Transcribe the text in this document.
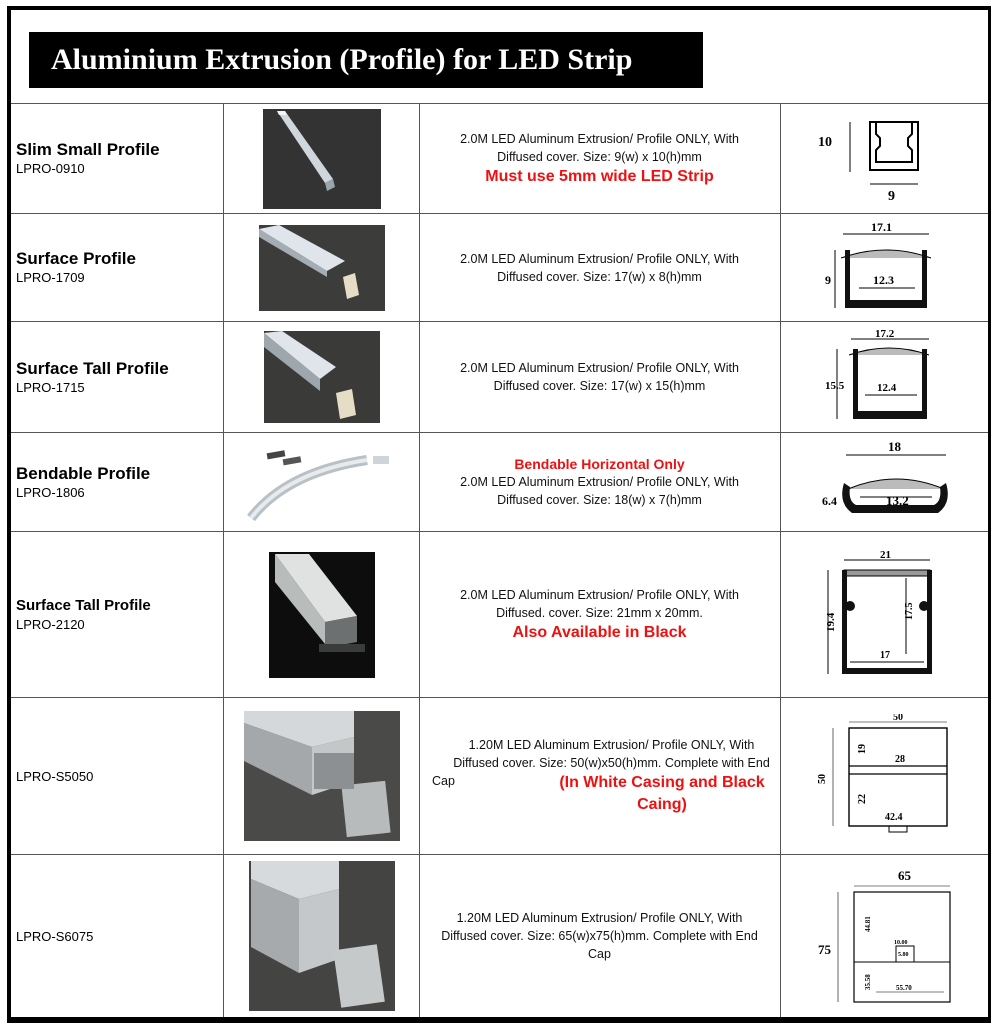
Aluminium Extrusion (Profile) for LED Strip
Slim Small Profile
LPRO-0910
2.0M LED Aluminum Extrusion/ Profile ONLY, With
Diffused cover. Size: 9(w) x 10(h)mm
Must use 5mm wide LED Strip
10
9
Surface Profile
LPRO-1709
2.0M LED Aluminum Extrusion/ Profile ONLY, With
Diffused cover. Size: 17(w) x 8(h)mm
17.1
12.3
9
Surface Tall Profile
LPRO-1715
2.0M LED Aluminum Extrusion/ Profile ONLY, With
Diffused cover. Size: 17(w) x 15(h)mm
17.2
12.4
15.5
Bendable Profile
LPRO-1806
Bendable Horizontal Only
2.0M LED Aluminum Extrusion/ Profile ONLY, With
Diffused cover. Size: 18(w) x 7(h)mm
18
13.2
6.4
Surface Tall Profile
LPRO-2120
2.0M LED Aluminum Extrusion/ Profile ONLY, With
Diffused. cover. Size: 21mm x 20mm.
Also Available in Black
21
17.5
17
19.4
LPRO-S5050
1.20M LED Aluminum Extrusion/ Profile ONLY, With
Diffused cover. Size: 50(w)x50(h)mm. Complete with End
Cap	(In White Casing and Black Caing)
50
28
19
22
42.4
50
LPRO-S6075
1.20M LED Aluminum Extrusion/ Profile ONLY, With
Diffused cover. Size: 65(w)x75(h)mm. Complete with End
Cap
65
44.81
10.00
5.80
35.58	55.70
75
